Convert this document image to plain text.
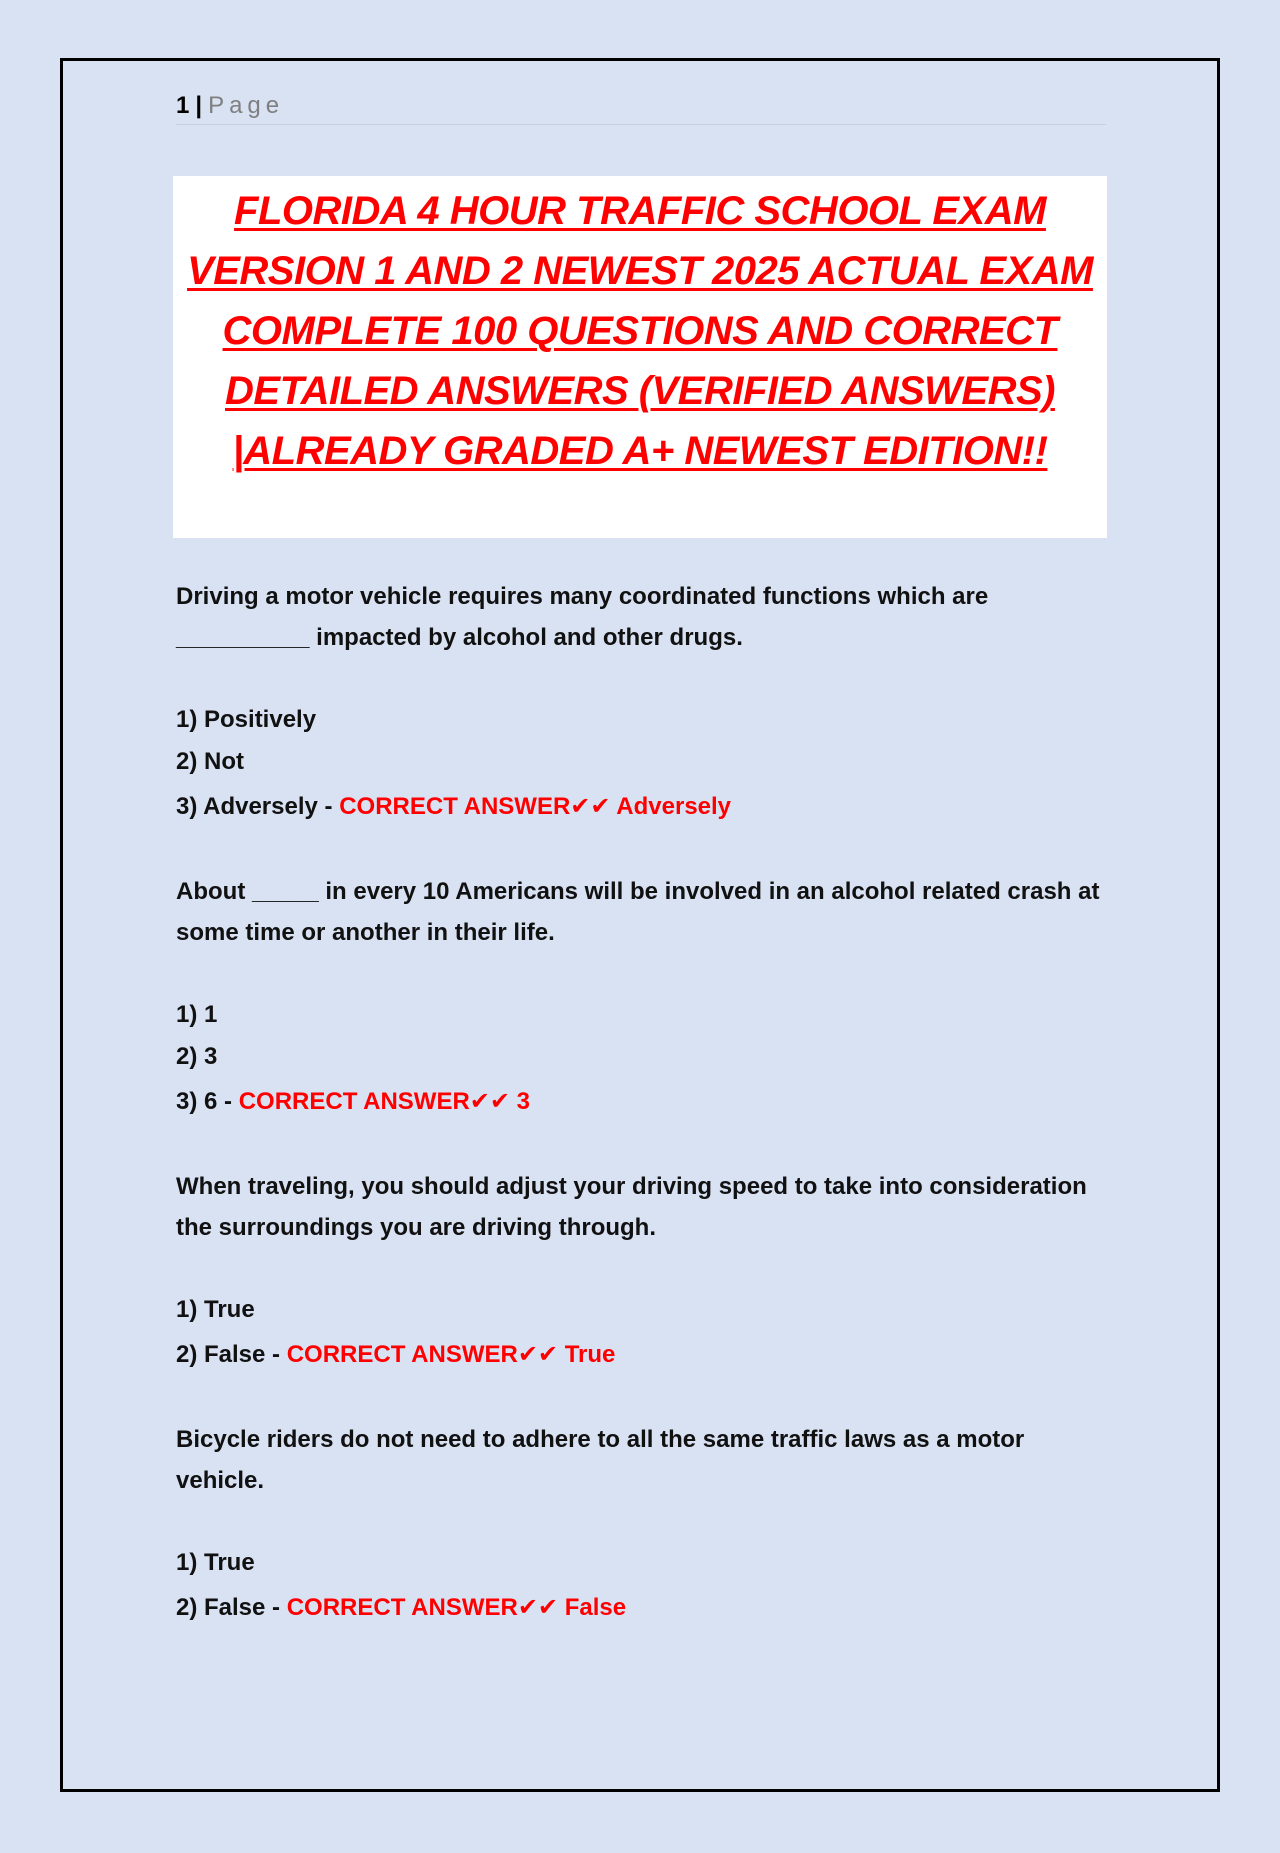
1 | Page
FLORIDA 4 HOUR TRAFFIC SCHOOL EXAM VERSION 1 AND 2 NEWEST 2025 ACTUAL EXAM COMPLETE 100 QUESTIONS AND CORRECT DETAILED ANSWERS (VERIFIED ANSWERS) |ALREADY GRADED A+ NEWEST EDITION!!

Driving a motor vehicle requires many coordinated functions which are __________ impacted by alcohol and other drugs.

1) Positively
2) Not
3) Adversely - CORRECT ANSWER✔✔ Adversely

About _____ in every 10 Americans will be involved in an alcohol related crash at some time or another in their life.

1) 1
2) 3
3) 6 - CORRECT ANSWER✔✔ 3

When traveling, you should adjust your driving speed to take into consideration the surroundings you are driving through.

1) True
2) False - CORRECT ANSWER✔✔ True

Bicycle riders do not need to adhere to all the same traffic laws as a motor vehicle.

1) True
2) False - CORRECT ANSWER✔✔ False
